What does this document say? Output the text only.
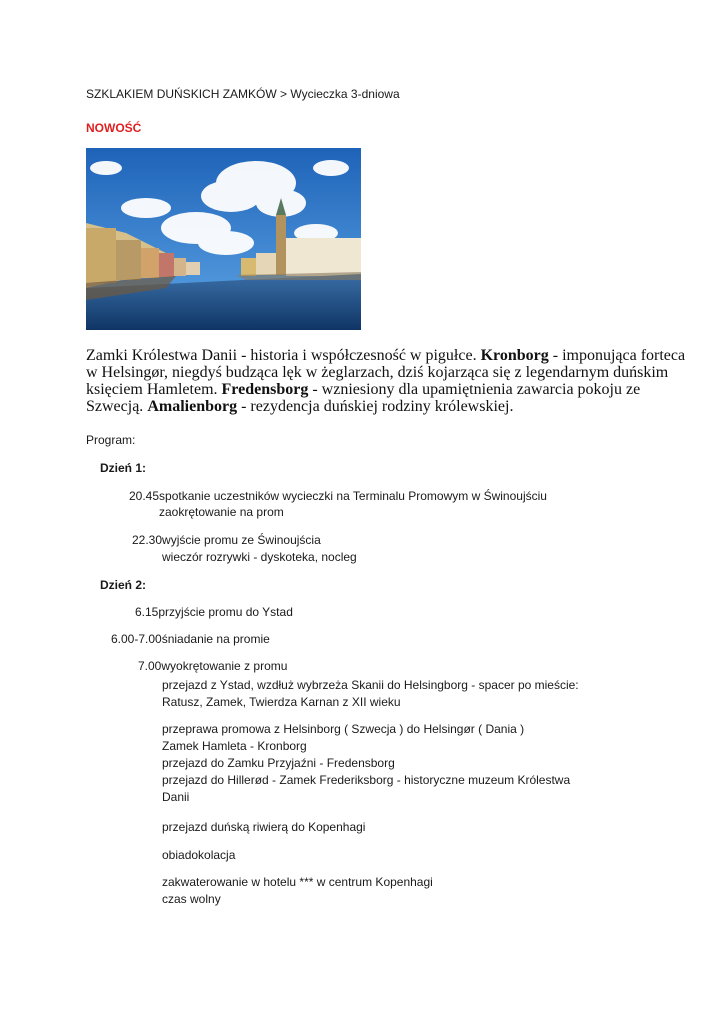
SZKLAKIEM DUŃSKICH ZAMKÓW > Wycieczka 3-dniowa
NOWOŚĆ
Zamki Królestwa Danii - historia i współczesność w pigułce. Kronborg - imponująca forteca
w Helsingør, niegdyś budząca lęk w żeglarzach, dziś kojarząca się z legendarnym duńskim
księciem Hamletem. Fredensborg - wzniesiony dla upamiętnienia zawarcia pokoju ze
Szwecją. Amalienborg - rezydencja duńskiej rodziny królewskiej.
Program:
Dzień 1:
20.45spotkanie uczestników wycieczki na Terminalu Promowym w Świnoujściu
zaokrętowanie na prom
22.30wyjście promu ze Świnoujścia
wieczór rozrywki - dyskoteka, nocleg
Dzień 2:
6.15przyjście promu do Ystad
6.00-7.00śniadanie na promie
7.00wyokrętowanie z promu
przejazd z Ystad, wzdłuż wybrzeża Skanii do Helsingborg - spacer po mieście:
Ratusz, Zamek, Twierdza Karnan z XII wieku
przeprawa promowa z Helsinborg ( Szwecja ) do Helsingør ( Dania )
Zamek Hamleta - Kronborg
przejazd do Zamku Przyjaźni - Fredensborg
przejazd do Hillerød - Zamek Frederiksborg - historyczne muzeum Królestwa
Danii
przejazd duńską riwierą do Kopenhagi
obiadokolacja
zakwaterowanie w hotelu *** w centrum Kopenhagi
czas wolny
